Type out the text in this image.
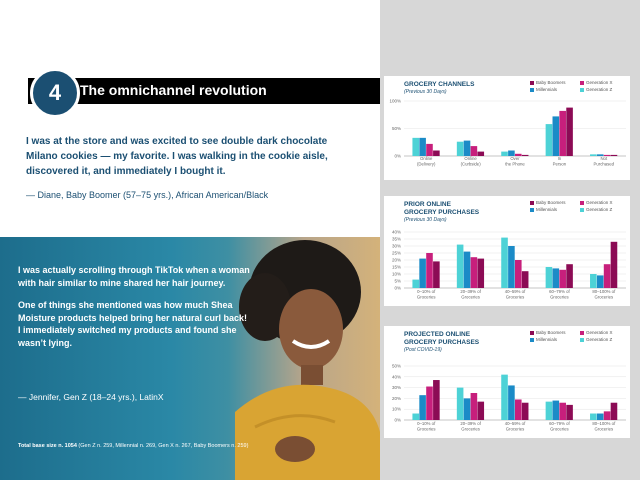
The omnichannel revolution
4
I was at the store and was excited to see double dark chocolate Milano cookies — my favorite. I was walking in the cookie aisle, discovered it, and immediately I bought it.
— Diane, Baby Boomer (57–75 yrs.), African American/Black

I was actually scrolling through TikTok when a woman with hair similar to mine shared her hair journey.

One of things she mentioned was how much Shea Moisture products helped bring her natural curl back! I immediately switched my products and found she wasn’t lying.

— Jennifer, Gen Z (18–24 yrs.), LatinX
Total base size n. 1054 (Gen Z n. 259, Millennial n. 269, Gen X n. 267, Baby Boomers n. 259)
GROCERY CHANNELS
(Previous 30 Days)
Baby Boomers	Generation X
Millennials	Generation Z
0%
50%
100%
Online
(Delivery)
Online
(Curbside)
Over
the Phone
In
Person
Not
Purchased
PRIOR ONLINE
GROCERY PURCHASES
(Previous 30 Days)
Baby Boomers	Generation X
Millennials	Generation Z
0%
5%
10%
15%
20%
25%
30%
35%
40%
0–10% of
Groceries
20–39% of
Groceries
40–59% of
Groceries
60–79% of
Groceries
80–100% of
Groceries
PROJECTED ONLINE
GROCERY PURCHASES
(Post COVID-19)
Baby Boomers	Generation X
Millennials	Generation Z
0%
10%
20%
30%
40%
50%
0–10% of
Groceries
20–39% of
Groceries
40–59% of
Groceries
60–79% of
Groceries
80–100% of
Groceries
